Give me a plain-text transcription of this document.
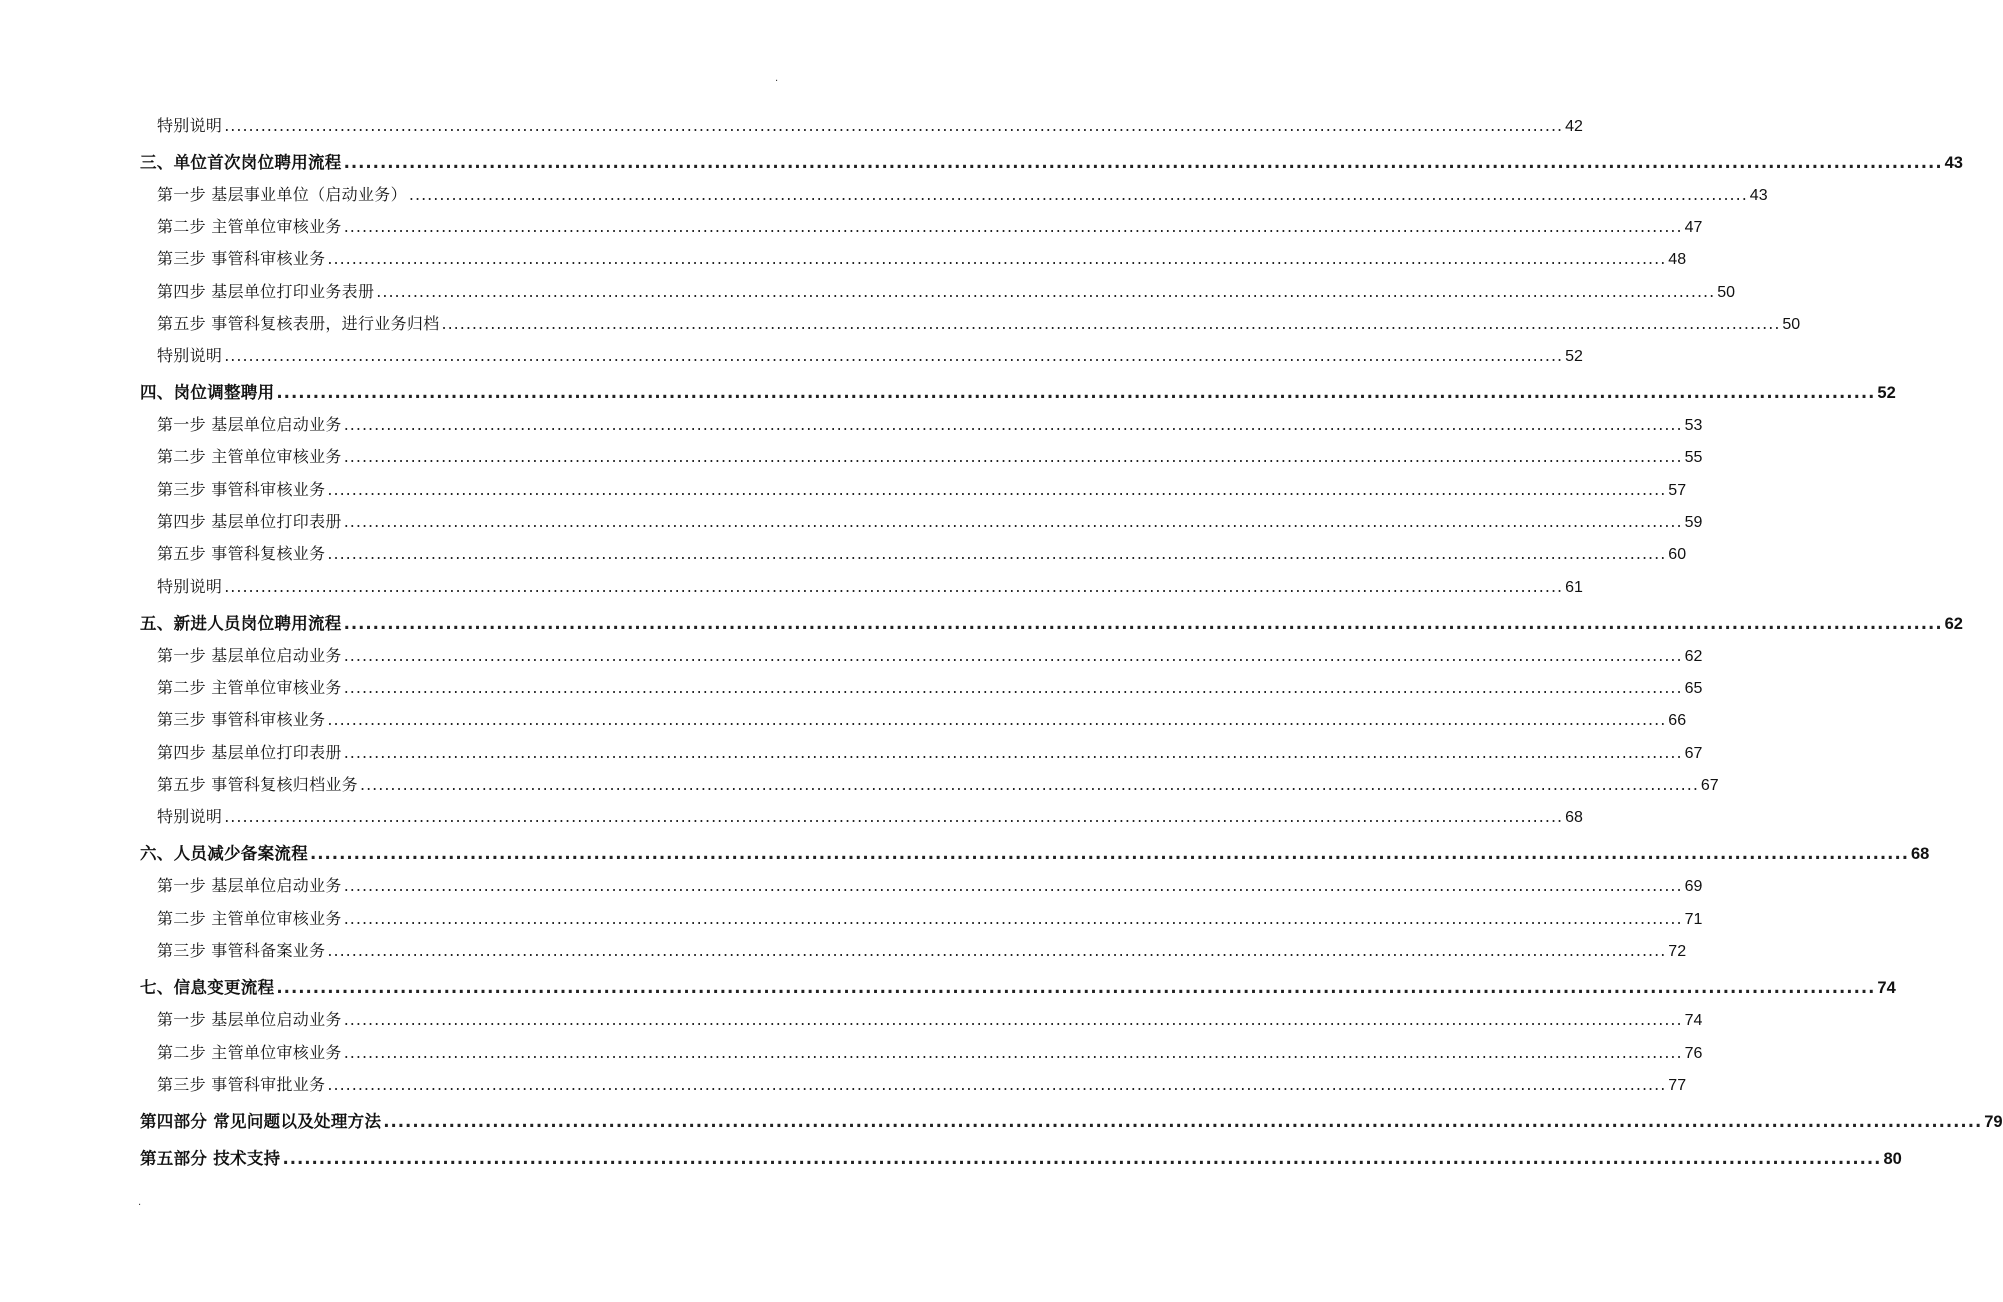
.
特别说明 ............................................................................................................................................................................................................................ 42
三、单位首次岗位聘用流程 ............................................................................................................................................................................................................................ 43
第一步 基层事业单位（启动业务） ............................................................................................................................................................................................................................ 43
第二步 主管单位审核业务 ............................................................................................................................................................................................................................ 47
第三步 事管科审核业务 ............................................................................................................................................................................................................................ 48
第四步 基层单位打印业务表册 ............................................................................................................................................................................................................................ 50
第五步 事管科复核表册，进行业务归档 ............................................................................................................................................................................................................................ 50
特别说明 ............................................................................................................................................................................................................................ 52
四、岗位调整聘用 ............................................................................................................................................................................................................................ 52
第一步 基层单位启动业务 ............................................................................................................................................................................................................................ 53
第二步 主管单位审核业务 ............................................................................................................................................................................................................................ 55
第三步 事管科审核业务 ............................................................................................................................................................................................................................ 57
第四步 基层单位打印表册 ............................................................................................................................................................................................................................ 59
第五步 事管科复核业务 ............................................................................................................................................................................................................................ 60
特别说明 ............................................................................................................................................................................................................................ 61
五、新进人员岗位聘用流程 ............................................................................................................................................................................................................................ 62
第一步 基层单位启动业务 ............................................................................................................................................................................................................................ 62
第二步 主管单位审核业务 ............................................................................................................................................................................................................................ 65
第三步 事管科审核业务 ............................................................................................................................................................................................................................ 66
第四步 基层单位打印表册 ............................................................................................................................................................................................................................ 67
第五步 事管科复核归档业务 ............................................................................................................................................................................................................................ 67
特别说明 ............................................................................................................................................................................................................................ 68
六、人员减少备案流程 ............................................................................................................................................................................................................................ 68
第一步 基层单位启动业务 ............................................................................................................................................................................................................................ 69
第二步 主管单位审核业务 ............................................................................................................................................................................................................................ 71
第三步 事管科备案业务 ............................................................................................................................................................................................................................ 72
七、信息变更流程 ............................................................................................................................................................................................................................ 74
第一步 基层单位启动业务 ............................................................................................................................................................................................................................ 74
第二步 主管单位审核业务 ............................................................................................................................................................................................................................ 76
第三步 事管科审批业务 ............................................................................................................................................................................................................................ 77
第四部分 常见问题以及处理方法 ............................................................................................................................................................................................................................ 79
第五部分 技术支持 ............................................................................................................................................................................................................................ 80
.
